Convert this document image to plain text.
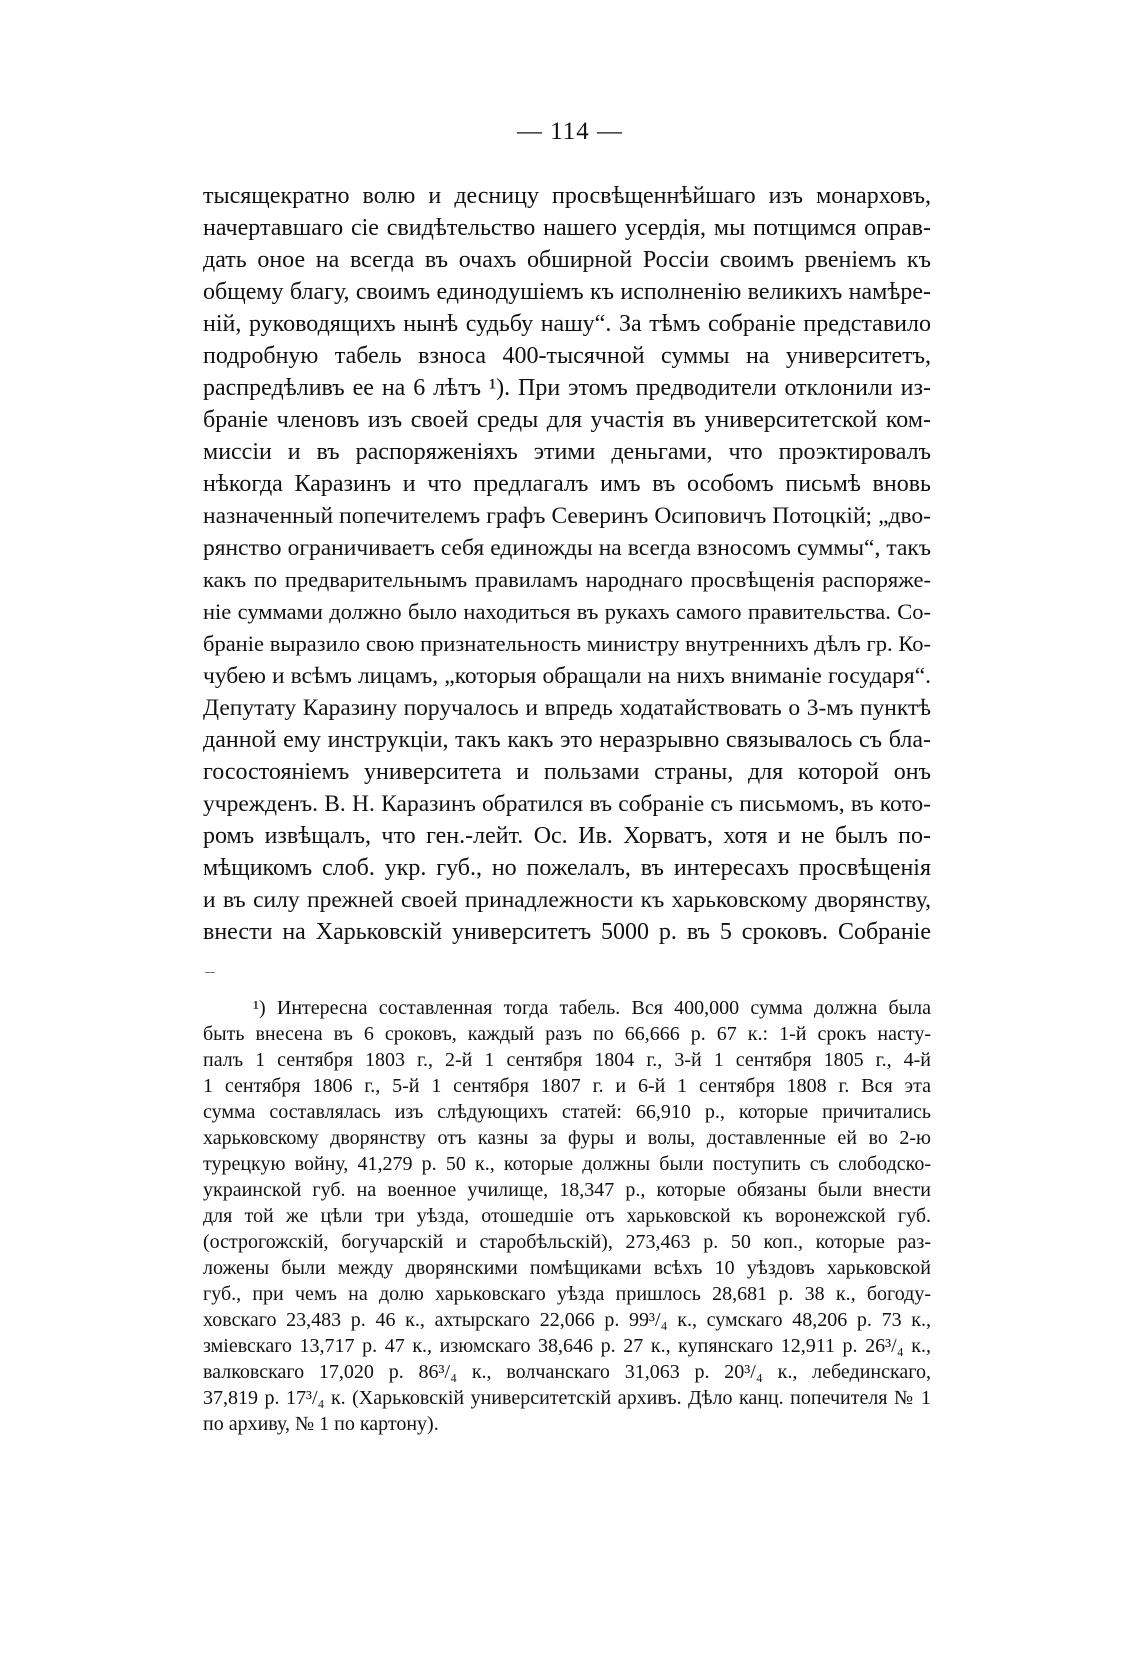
— 114 —
тысящекратно волю и десницу просвѣщеннѣйшаго изъ монарховъ,
начертавшаго сіе свидѣтельство нашего усердія, мы потщимся оправ-
дать оное на всегда въ очахъ обширной Россіи своимъ рвеніемъ къ
общему благу, своимъ единодушіемъ къ исполненію великихъ намѣре-
ній, руководящихъ нынѣ судьбу нашу“. За тѣмъ собраніе представило
подробную табель взноса 400-тысячной суммы на университетъ,
распредѣливъ ее на 6 лѣтъ ¹). При этомъ предводители отклонили из-
браніе членовъ изъ своей среды для участія въ университетской ком-
миссіи и въ распоряженіяхъ этими деньгами, что проэктировалъ
нѣкогда Каразинъ и что предлагалъ имъ въ особомъ письмѣ вновь
назначенный попечителемъ графъ Северинъ Осиповичъ Потоцкій; „дво-
рянство ограничиваетъ себя единожды на всегда взносомъ суммы“, такъ
какъ по предварительнымъ правиламъ народнаго просвѣщенія распоряже-
ніе суммами должно было находиться въ рукахъ самого правительства. Со-
браніе выразило свою признательность министру внутреннихъ дѣлъ гр. Ко-
чубею и всѣмъ лицамъ, „которыя обращали на нихъ вниманіе государя“.
Депутату Каразину поручалось и впредь ходатайствовать о 3-мъ пунктѣ
данной ему инструкціи, такъ какъ это неразрывно связывалось съ бла-
госостояніемъ университета и пользами страны, для которой онъ
учрежденъ. В. Н. Каразинъ обратился въ собраніе съ письмомъ, въ кото-
ромъ извѣщалъ, что ген.-лейт. Ос. Ив. Хорватъ, хотя и не былъ по-
мѣщикомъ слоб. укр. губ., но пожелалъ, въ интересахъ просвѣщенія
и въ силу прежней своей принадлежности къ харьковскому дворянству,
внести на Харьковскій университетъ 5000 р. въ 5 сроковъ. Собраніе
¹) Интересна составленная тогда табель. Вся 400,000 сумма должна была
быть внесена въ 6 сроковъ, каждый разъ по 66,666 р. 67 к.: 1-й срокъ насту-
палъ 1 сентября 1803 г., 2-й 1 сентября 1804 г., 3-й 1 сентября 1805 г., 4-й
1 сентября 1806 г., 5-й 1 сентября 1807 г. и 6-й 1 сентября 1808 г. Вся эта
сумма составлялась изъ слѣдующихъ статей: 66,910 р., которые причитались
харьковскому дворянству отъ казны за фуры и волы, доставленные ей во 2-ю
турецкую войну, 41,279 р. 50 к., которые должны были поступить съ слободско-
украинской губ. на военное училище, 18,347 р., которые обязаны были внести
для той же цѣли три уѣзда, отошедшіе отъ харьковской къ воронежской губ.
(острогожскій, богучарскій и старобѣльскій), 273,463 р. 50 коп., которые раз-
ложены были между дворянскими помѣщиками всѣхъ 10 уѣздовъ харьковской
губ., при чемъ на долю харьковскаго уѣзда пришлось 28,681 р. 38 к., богоду-
ховскаго 23,483 р. 46 к., ахтырскаго 22,066 р. 99³/₄ к., сумскаго 48,206 р. 73 к.,
зміевскаго 13,717 р. 47 к., изюмскаго 38,646 р. 27 к., купянскаго 12,911 р. 26³/₄ к.,
валковскаго 17,020 р. 86³/₄ к., волчанскаго 31,063 р. 20³/₄ к., лебединскаго,
37,819 р. 17³/₄ к. (Харьковскій университетскій архивъ. Дѣло канц. попечителя № 1
по архиву, № 1 по картону).
